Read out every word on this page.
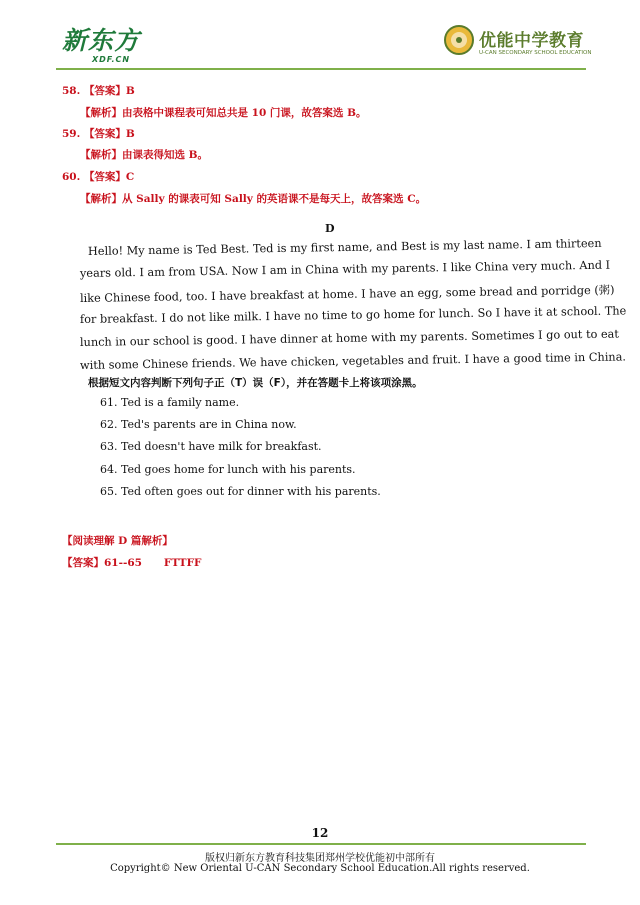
新东方
XDF.CN
优能中学教育
U-CAN SECONDARY SCHOOL EDUCATION
58. 【答案】B
【解析】由表格中课程表可知总共是 10 门课，故答案选 B。
59. 【答案】B
【解析】由课表得知选 B。
60. 【答案】C
【解析】从 Sally 的课表可知 Sally 的英语课不是每天上，故答案选 C。
D
Hello! My name is Ted Best. Ted is my first name, and Best is my last name. I am thirteen
years old. I am from USA. Now I am in China with my parents. I like China very much. And I
like Chinese food, too. I have breakfast at home. I have an egg, some bread and porridge (粥)
for breakfast. I do not like milk. I have no time to go home for lunch. So I have it at school. The
lunch in our school is good. I have dinner at home with my parents. Sometimes I go out to eat
with some Chinese friends. We have chicken, vegetables and fruit. I have a good time in China.
根据短文内容判断下列句子正（T）误（F），并在答题卡上将该项涂黑。
61. Ted is a family name.
62. Ted's parents are in China now.
63. Ted doesn't have milk for breakfast.
64. Ted goes home for lunch with his parents.
65. Ted often goes out for dinner with his parents.
【阅读理解 D 篇解析】
【答案】61--65      FTTFF
12
版权归新东方教育科技集团郑州学校优能初中部所有
Copyright© New Oriental U-CAN Secondary School Education.All rights reserved.
